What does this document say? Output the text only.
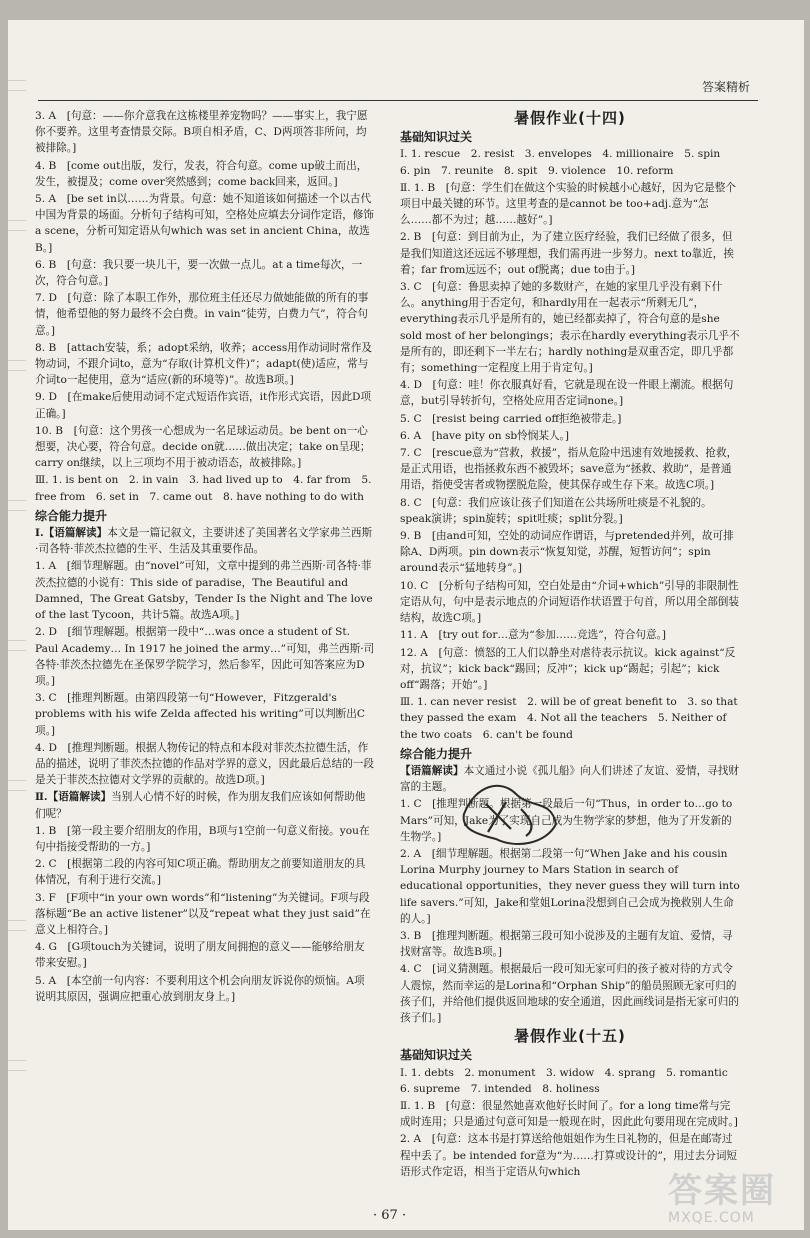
答案精析
3. A　[句意：——你介意我在这栋楼里养宠物吗？——事实上，我宁愿你不要养。这里考查情景交际。B项自相矛盾，C、D两项答非所问，均被排除。]
4. B　[come out出版，发行，发表，符合句意。come up破土而出，发生，被提及；come over突然感到；come back回来，返回。]
5. A　[be set in以……为背景。句意：她不知道该如何描述一个以古代中国为背景的场面。分析句子结构可知，空格处应填去分词作定语，修饰a scene，分析可知定语从句which was set in ancient China，故选B。]
6. B　[句意：我只要一块儿干，要一次做一点儿。at a time每次，一次，符合句意。]
7. D　[句意：除了本职工作外，那位班主任还尽力做她能做的所有的事情，他希望他的努力最终不会白费。in vain“徒劳，白费力气”，符合句意。]
8. B　[attach安装，系；adopt采纳，收养；access用作动词时常作及物动词，不跟介词to，意为“存取(计算机文件)”；adapt(使)适应，常与介词to一起使用，意为“适应(新的环境等)”。故选B项。]
9. D　[在make后使用动词不定式短语作宾语，it作形式宾语，因此D项正确。]
10. B　[句意：这个男孩一心想成为一名足球运动员。be bent on一心想要，决心要，符合句意。decide on就……做出决定；take on呈现；carry on继续，以上三项均不用于被动语态，故被排除。]
Ⅲ. 1. is bent on　2. in vain　3. had lived up to　4. far from　5. free from　6. set in　7. came out　8. have nothing to do with
综合能力提升
Ⅰ.【语篇解读】本文是一篇记叙文，主要讲述了美国著名文学家弗兰西斯·司各特·菲茨杰拉德的生平、生活及其重要作品。
1. A　[细节理解题。由“novel”可知，文章中提到的弗兰西斯·司各特·菲茨杰拉德的小说有：This side of paradise，The Beautiful and Damned，The Great Gatsby，Tender Is the Night and The love of the last Tycoon，共计5篇。故选A项。]
2. D　[细节理解题。根据第一段中“…was once a student of St. Paul Academy… In 1917 he joined the army…”可知，弗兰西斯·司各特·菲茨杰拉德先在圣保罗学院学习，然后参军，因此可知答案应为D项。]
3. C　[推理判断题。由第四段第一句“However，Fitzgerald's problems with his wife Zelda affected his writing”可以判断出C项。]
4. D　[推理判断题。根据人物传记的特点和本段对菲茨杰拉德生活，作品的描述，说明了菲茨杰拉德的作品对学界的意义，因此最后总结的一段是关于菲茨杰拉德对文学界的贡献的。故选D项。]
Ⅱ.【语篇解读】当别人心情不好的时候，作为朋友我们应该如何帮助他们呢？
1. B　[第一段主要介绍朋友的作用，B项与1空前一句意义衔接。you在句中指接受帮助的一方。]
2. C　[根据第二段的内容可知C项正确。帮助朋友之前要知道朋友的具体情况，有利于进行交流。]
3. F　[F项中“in your own words”和“listening”为关键词。F项与段落标题“Be an active listener”以及“repeat what they just said”在意义上相符合。]
4. G　[G项touch为关键词，说明了朋友间拥抱的意义——能够给朋友带来安慰。]
5. A　[本空前一句内容：不要利用这个机会向朋友诉说你的烦恼。A项说明其原因，强调应把重心放到朋友身上。]
暑假作业(十四)
基础知识过关
Ⅰ. 1. rescue　2. resist　3. envelopes　4. millionaire　5. spin　6. pin　7. reunite　8. spit　9. violence　10. reform
Ⅱ. 1. B　[句意：学生们在做这个实验的时候越小心越好，因为它是整个项目中最关键的环节。这里考查的是cannot be too+adj.意为“怎么……都不为过；越……越好”。]
2. B　[句意：到目前为止，为了建立医疗经验，我们已经做了很多，但是我们知道这还远远不够理想，我们需再进一步努力。next to靠近，挨着；far from远远不；out of脱离；due to由于。]
3. C　[句意：鲁思卖掉了她的多数财产，在她的家里几乎没有剩下什么。anything用于否定句，和hardly用在一起表示“所剩无几”，everything表示几乎是所有的，她已经都卖掉了，符合句意的是she sold most of her belongings；表示在hardly everything表示几乎不是所有的，即还剩下一半左右；hardly nothing是双重否定，即几乎都有；something一定程度上用于肯定句。]
4. D　[句意：哇！你衣服真好看，它就是现在设一件眼上潮流。根据句意，but引导转折句，空格处应用否定词none。]
5. C　[resist being carried off拒绝被带走。]
6. A　[have pity on sb怜悯某人。]
7. C　[rescue意为“营救，救援”，指从危险中迅速有效地援救、抢救，是正式用语，也指拯救东西不被毁坏；save意为“拯救、救助”，是普通用语，指使受害者或物摆脱危险，使其保存或生存下来。故选C项。]
8. C　[句意：我们应该让孩子们知道在公共场所吐痰是不礼貌的。speak演讲；spin旋转；spit吐痰；split分裂。]
9. B　[由and可知，空处的动词应作谓语，与pretended并列，故可排除A、D两项。pin down表示“恢复知觉，苏醒，短暂访问”；spin around表示“猛地转身”。]
10. C　[分析句子结构可知，空白处是由“介词+which”引导的非限制性定语从句，句中是表示地点的介词短语作状语置于句首，所以用全部倒装结构，故选C项。]
11. A　[try out for…意为“参加……竞选”，符合句意。]
12. A　[句意：愤怒的工人们以静坐对虐待表示抗议。kick against“反对，抗议”；kick back“踢回；反冲”；kick up“踢起；引起”；kick off“踢落；开始”。]
Ⅲ. 1. can never resist　2. will be of great benefit to　3. so that they passed the exam　4. Not all the teachers　5. Neither of the two coats　6. can't be found
综合能力提升
【语篇解读】本文通过小说《孤儿船》向人们讲述了友谊、爱情，寻找财富的主题。
1. C　[推理判断题。根据第一段最后一句“Thus，in order to…go to Mars”可知，Jake为了实现自己成为生物学家的梦想，他为了开发新的生物学。]
2. A　[细节理解题。根据第二段第一句“When Jake and his cousin Lorina Murphy journey to Mars Station in search of educational opportunities，they never guess they will turn into life savers.”可知，Jake和堂姐Lorina没想到自己会成为挽救别人生命的人。]
3. B　[推理判断题。根据第三段可知小说涉及的主题有友谊、爱情，寻找财富等。故选B项。]
4. C　[词义猜测题。根据最后一段可知无家可归的孩子被对待的方式令人震惊，然而幸运的是Lorina和“Orphan Ship”的船员照顾无家可归的孩子们，并给他们提供返回地球的安全通道，因此画线词是指无家可归的孩子们。]
暑假作业(十五)
基础知识过关
Ⅰ. 1. debts　2. monument　3. widow　4. sprang　5. romantic　6. supreme　7. intended　8. holiness
Ⅱ. 1. B　[句意：很显然她喜欢他好长时间了。for a long time常与完成时连用；只是通过句意可知是一般现在时，因此此句要用现在完成时。]
2. A　[句意：这本书是打算送给他姐姐作为生日礼物的，但是在邮寄过程中丢了。be intended for意为“为……打算或设计的”，用过去分词短语形式作定语，相当于定语从句which
· 67 ·
答案圈
MXQE.COM
